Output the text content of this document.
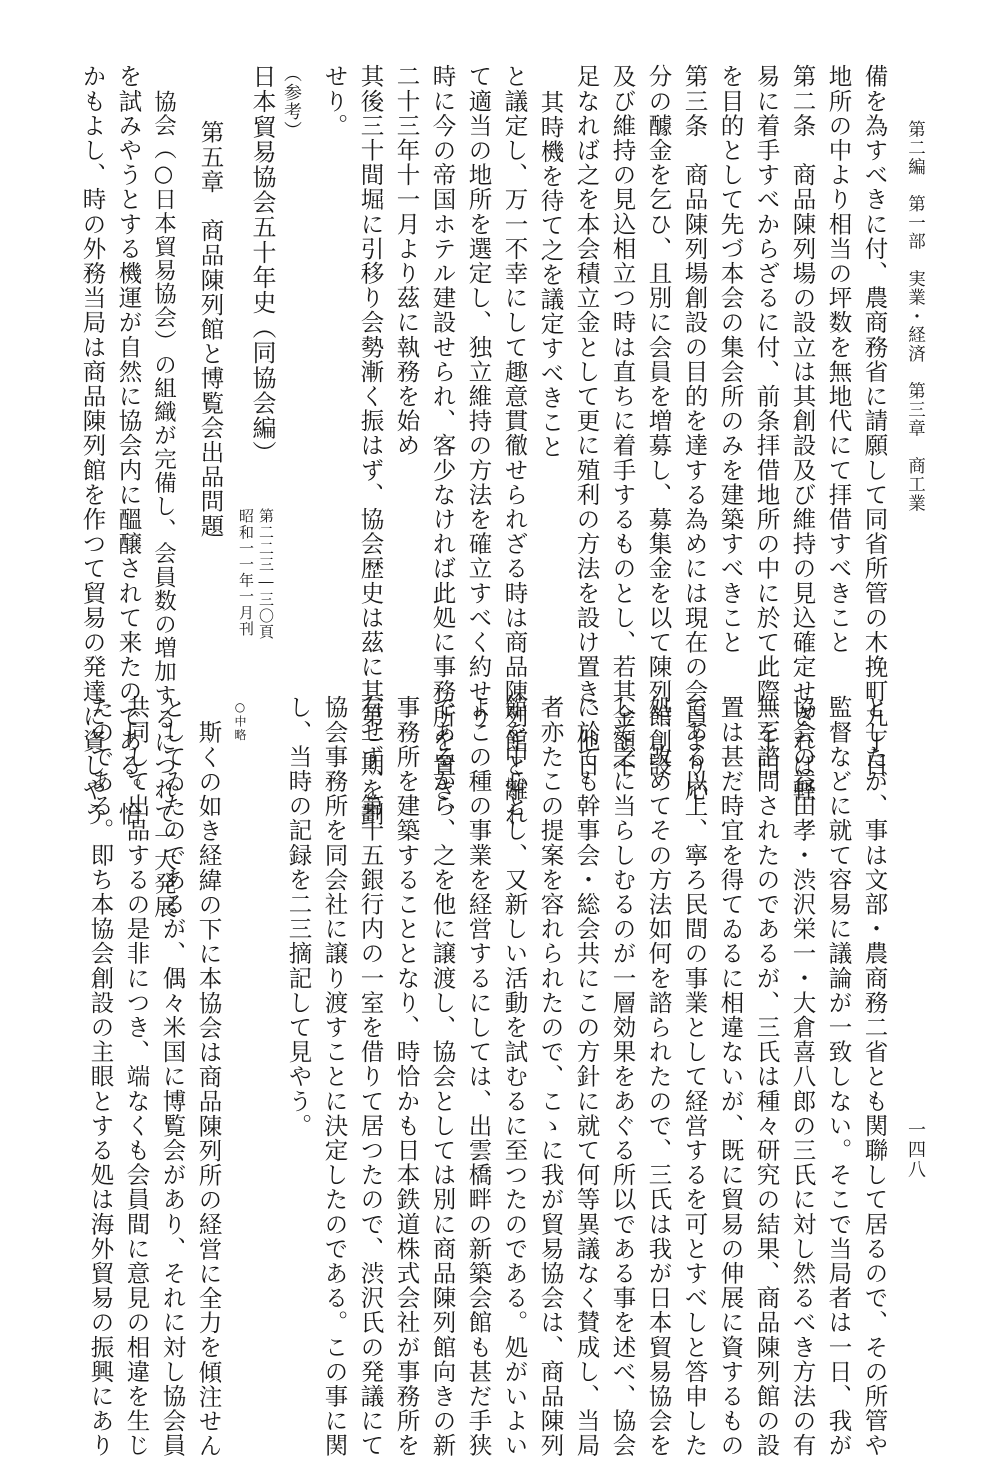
第二編　第一部　実業・経済　第三章　商工業
一四八
備を為すべきに付、農商務省に請願して同省所管の木挽町九丁目
地所の中より相当の坪数を無地代にて拝借すべきこと
第二条　商品陳列場の設立は其創設及び維持の見込確定せざれば軽
易に着手すべからざるに付、前条拝借地所の中に於て此際二千円
を目的として先づ本会の集会所のみを建築すべきこと
第三条　商品陳列場創設の目的を達する為めには現在の会員より応
分の醵金を乞ひ、且別に会員を増募し、募集金を以て陳列館創設
及び維持の見込相立つ時は直ちに着手するものとし、若其金額不
足なれば之を本会積立金として更に殖利の方法を設け置き、他日
其時機を待て之を議定すべきこと
と議定し、万一不幸にして趣意貫徹せられざる時は商品陳列館と離れ
て適当の地所を選定し、独立維持の方法を確立すべく約せり
時に今の帝国ホテル建設せられ、客少なければ此処に事務所を置き、
二十三年十一月より茲に執務を始め
其後三十間堀に引移り会勢漸く振はず、協会歴史は茲に其第一期を劃
せり。
（参考）
日本貿易協会五十年史（同協会編）
第二二三―三〇頁
昭和一一年一月刊
第五章　商品陳列館と博覧会出品問題
協会（○日本貿易協会）の組織が完備し、会員数の増加するにつれて一大発展
を試みやうとする機運が自然に協会内に醞醸されて来たのである。恰
かもよし、時の外務当局は商品陳列館を作つて貿易の発達に資しやう
としたが、事は文部・農商務二省とも関聯して居るので、その所管や
監督などに就て容易に議論が一致しない。そこで当局者は一日、我が
協会の益田孝・渋沢栄一・大倉喜八郎の三氏に対し然るべき方法の有
無を諮問されたのであるが、三氏は種々研究の結果、商品陳列館の設
置は甚だ時宜を得てゐるに相違ないが、既に貿易の伸展に資するもの
である以上、寧ろ民間の事業として経営するを可とすべしと答申した
処、改めてその方法如何を諮られたので、三氏は我が日本貿易協会を
して之に当らしむるのが一層効果をあぐる所以である事を述べ、協会
に於ても幹事会・総会共にこの方針に就て何等異議なく賛成し、当局
者亦たこの提案を容れられたので、こゝに我が貿易協会は、商品陳列
館を中心とし、又新しい活動を試むるに至つたのである。処がいよい
よこの種の事業を経営するにしては、出雲橋畔の新築会館も甚だ手狭
であるから、之を他に譲渡し、協会としては別に商品陳列館向きの新
事務所を建築することとなり、時恰かも日本鉄道株式会社が事務所を
有せず、第十五銀行内の一室を借りて居つたので、渋沢氏の発議にて
協会事務所を同会社に譲り渡すことに決定したのである。この事に関
し、当時の記録を二三摘記して見やう。
○中略
斯くの如き経緯の下に本協会は商品陳列所の経営に全力を傾注せん
としてゐたのであるが、偶々米国に博覧会があり、それに対し協会員
共同して出品するの是非につき、端なくも会員間に意見の相違を生じ
たのである。即ち本協会創設の主眼とする処は海外貿易の振興にあり
